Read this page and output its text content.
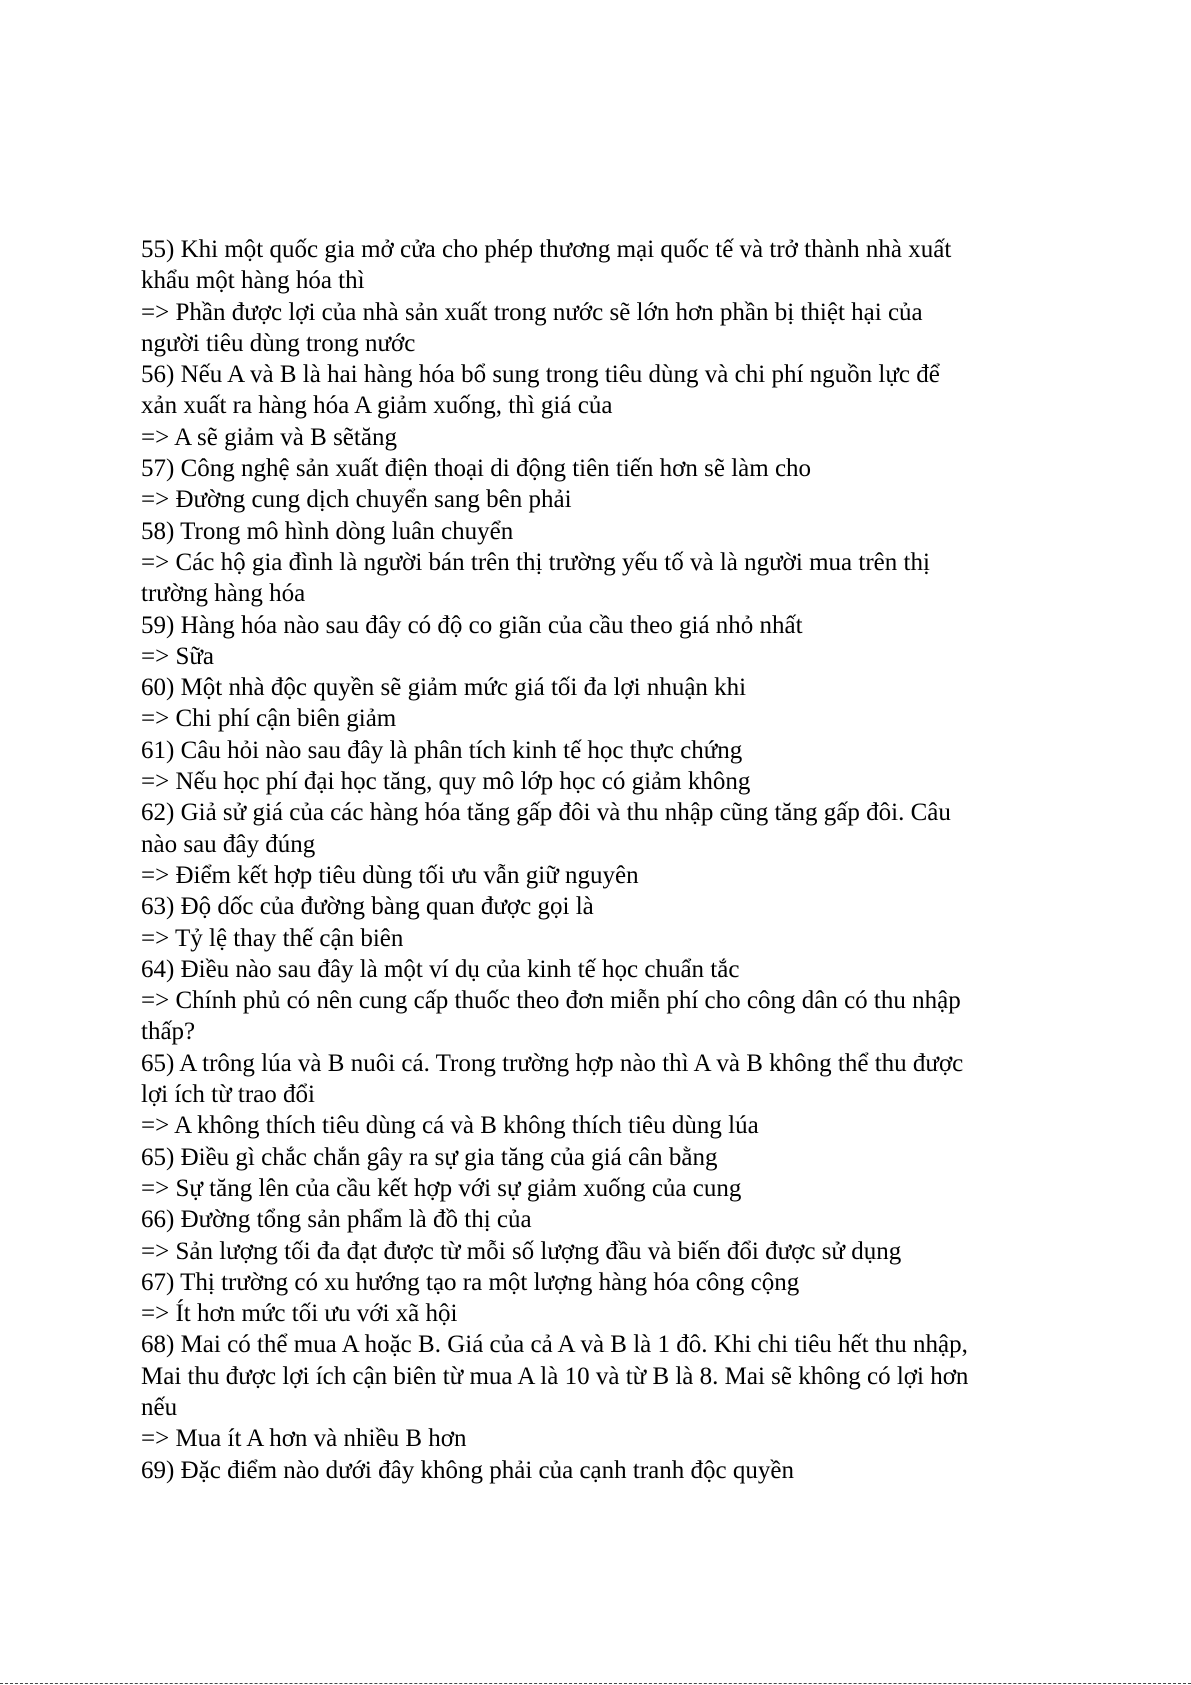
55) Khi một quốc gia mở cửa cho phép thương mại quốc tế và trở thành nhà xuất
khẩu một hàng hóa thì
=> Phần được lợi của nhà sản xuất trong nước sẽ lớn hơn phần bị thiệt hại của
người tiêu dùng trong nước
56) Nếu A và B là hai hàng hóa bổ sung trong tiêu dùng và chi phí nguồn lực để
xản xuất ra hàng hóa A giảm xuống, thì giá của
=> A sẽ giảm và B sẽtăng
57) Công nghệ sản xuất điện thoại di động tiên tiến hơn sẽ làm cho
=> Đường cung dịch chuyển sang bên phải
58) Trong mô hình dòng luân chuyển
=> Các hộ gia đình là người bán trên thị trường yếu tố và là người mua trên thị
trường hàng hóa
59) Hàng hóa nào sau đây có độ co giãn của cầu theo giá nhỏ nhất
=> Sữa
60) Một nhà độc quyền sẽ giảm mức giá tối đa lợi nhuận khi
=> Chi phí cận biên giảm
61) Câu hỏi nào sau đây là phân tích kinh tế học thực chứng
=> Nếu học phí đại học tăng, quy mô lớp học có giảm không
62) Giả sử giá của các hàng hóa tăng gấp đôi và thu nhập cũng tăng gấp đôi. Câu
nào sau đây đúng
=> Điểm kết hợp tiêu dùng tối ưu vẫn giữ nguyên
63) Độ dốc của đường bàng quan được gọi là
=> Tỷ lệ thay thế cận biên
64) Điều nào sau đây là một ví dụ của kinh tế học chuẩn tắc
=> Chính phủ có nên cung cấp thuốc theo đơn miễn phí cho công dân có thu nhập
thấp?
65) A trông lúa và B nuôi cá. Trong trường hợp nào thì A và B không thể thu được
lợi ích từ trao đổi
=> A không thích tiêu dùng cá và B không thích tiêu dùng lúa
65) Điều gì chắc chắn gây ra sự gia tăng của giá cân bằng
=> Sự tăng lên của cầu kết hợp với sự giảm xuống của cung
66) Đường tổng sản phẩm là đồ thị của
=> Sản lượng tối đa đạt được từ mỗi số lượng đầu và biến đổi được sử dụng
67) Thị trường có xu hướng tạo ra một lượng hàng hóa công cộng
=> Ít hơn mức tối ưu với xã hội
68) Mai có thể mua A hoặc B. Giá của cả A và B là 1 đô. Khi chi tiêu hết thu nhập,
Mai thu được lợi ích cận biên từ mua A là 10 và từ B là 8. Mai sẽ không có lợi hơn
nếu
=> Mua ít A hơn và nhiều B hơn
69) Đặc điểm nào dưới đây không phải của cạnh tranh độc quyền
